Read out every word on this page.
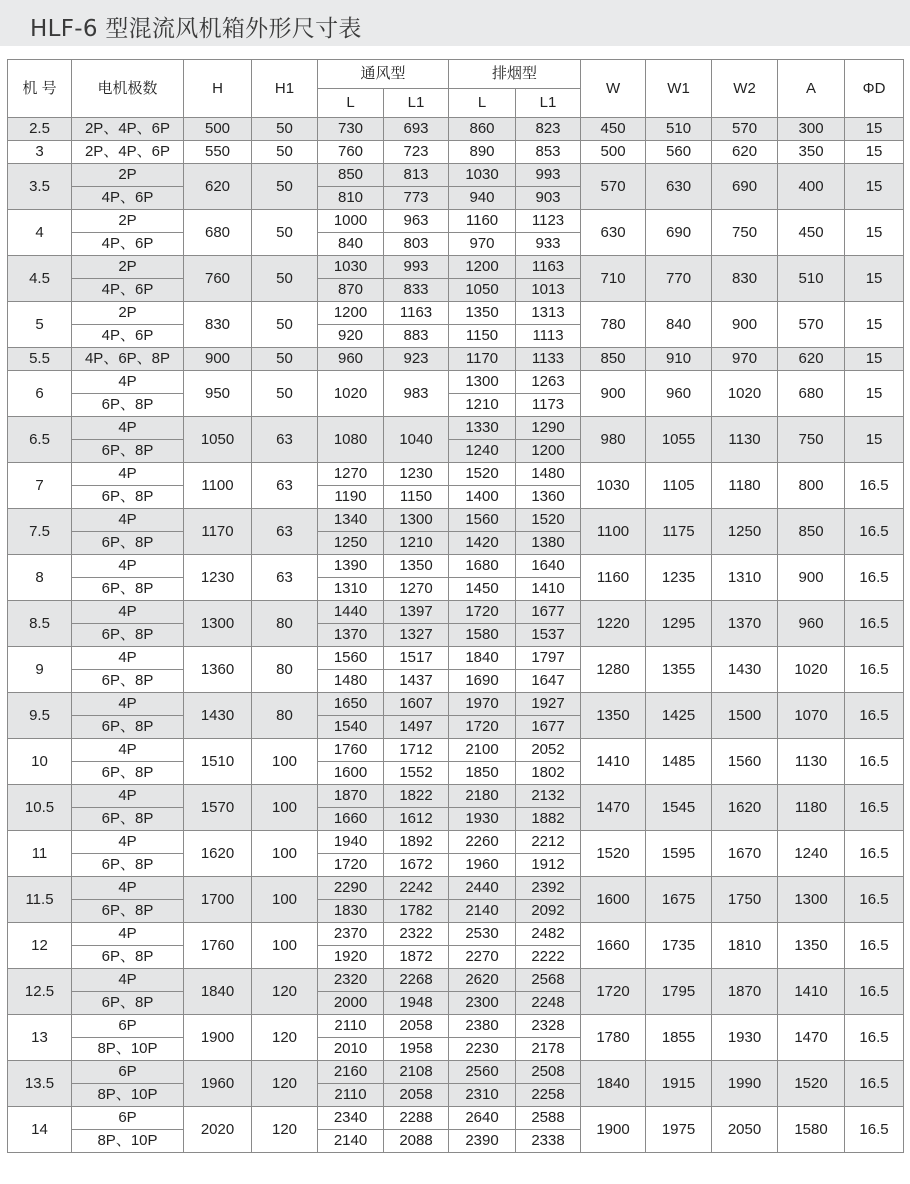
HLF-6 型混流风机箱外形尺寸表
机 号	电机极数	H	H1	通风型		排烟型		W	W1	W2	A	ΦD
				L	L1	L	L1					
2.5	2P、4P、6P	500	50	730	693	860	823	450	510	570	300	15
3	2P、4P、6P	550	50	760	723	890	853	500	560	620	350	15
3.5	2P	620	50	850	813	1030	993	570	630	690	400	15
	4P、6P			810	773	940	903					
4	2P	680	50	1000	963	1160	1123	630	690	750	450	15
	4P、6P			840	803	970	933					
4.5	2P	760	50	1030	993	1200	1163	710	770	830	510	15
	4P、6P			870	833	1050	1013					
5	2P	830	50	1200	1163	1350	1313	780	840	900	570	15
	4P、6P			920	883	1150	1113					
5.5	4P、6P、8P	900	50	960	923	1170	1133	850	910	970	620	15
6	4P	950	50	1020	983	1300	1263	900	960	1020	680	15
	6P、8P					1210	1173					
6.5	4P	1050	63	1080	1040	1330	1290	980	1055	1130	750	15
	6P、8P					1240	1200					
7	4P	1100	63	1270	1230	1520	1480	1030	1105	1180	800	16.5
	6P、8P			1190	1150	1400	1360					
7.5	4P	1170	63	1340	1300	1560	1520	1100	1175	1250	850	16.5
	6P、8P			1250	1210	1420	1380					
8	4P	1230	63	1390	1350	1680	1640	1160	1235	1310	900	16.5
	6P、8P			1310	1270	1450	1410					
8.5	4P	1300	80	1440	1397	1720	1677	1220	1295	1370	960	16.5
	6P、8P			1370	1327	1580	1537					
9	4P	1360	80	1560	1517	1840	1797	1280	1355	1430	1020	16.5
	6P、8P			1480	1437	1690	1647					
9.5	4P	1430	80	1650	1607	1970	1927	1350	1425	1500	1070	16.5
	6P、8P			1540	1497	1720	1677					
10	4P	1510	100	1760	1712	2100	2052	1410	1485	1560	1130	16.5
	6P、8P			1600	1552	1850	1802					
10.5	4P	1570	100	1870	1822	2180	2132	1470	1545	1620	1180	16.5
	6P、8P			1660	1612	1930	1882					
11	4P	1620	100	1940	1892	2260	2212	1520	1595	1670	1240	16.5
	6P、8P			1720	1672	1960	1912					
11.5	4P	1700	100	2290	2242	2440	2392	1600	1675	1750	1300	16.5
	6P、8P			1830	1782	2140	2092					
12	4P	1760	100	2370	2322	2530	2482	1660	1735	1810	1350	16.5
	6P、8P			1920	1872	2270	2222					
12.5	4P	1840	120	2320	2268	2620	2568	1720	1795	1870	1410	16.5
	6P、8P			2000	1948	2300	2248					
13	6P	1900	120	2110	2058	2380	2328	1780	1855	1930	1470	16.5
	8P、10P			2010	1958	2230	2178					
13.5	6P	1960	120	2160	2108	2560	2508	1840	1915	1990	1520	16.5
	8P、10P			2110	2058	2310	2258					
14	6P	2020	120	2340	2288	2640	2588	1900	1975	2050	1580	16.5
	8P、10P			2140	2088	2390	2338					
